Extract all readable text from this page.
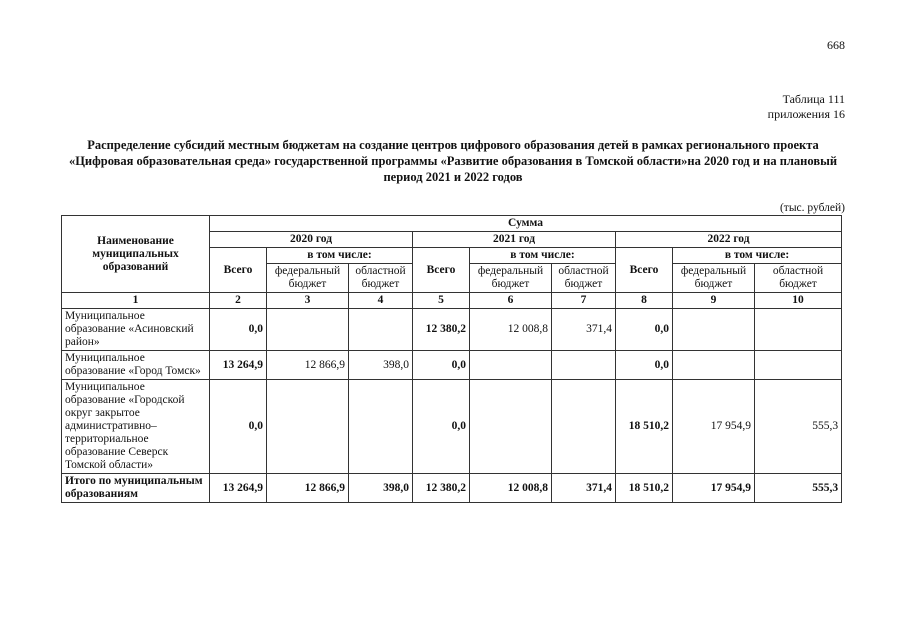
668
Таблица 111
приложения 16
Распределение субсидий местным бюджетам на создание центров цифрового образования детей в рамках регионального проекта «Цифровая образовательная среда» государственной программы «Развитие образования в Томской области»на 2020 год и на плановый период 2021 и 2022 годов
(тыс. рублей)
Наименование муниципальных образований	Сумма								
	2020 год			2021 год			2022 год		
	Всего	в том числе:		Всего	в том числе:		Всего	в том числе:	
		федеральный бюджет	областной бюджет		федеральный бюджет	областной бюджет		федеральный бюджет	областной бюджет
1	2	3	4	5	6	7	8	9	10
Муниципальное образование «Асиновский район»	0,0			12 380,2	12 008,8	371,4	0,0		
Муниципальное образование «Город Томск»	13 264,9	12 866,9	398,0	0,0			0,0		
Муниципальное образование «Городской округ закрытое административно–территориальное образование Северск Томской области»	0,0			0,0			18 510,2	17 954,9	555,3
Итого по муниципальным образованиям	13 264,9	12 866,9	398,0	12 380,2	12 008,8	371,4	18 510,2	17 954,9	555,3
